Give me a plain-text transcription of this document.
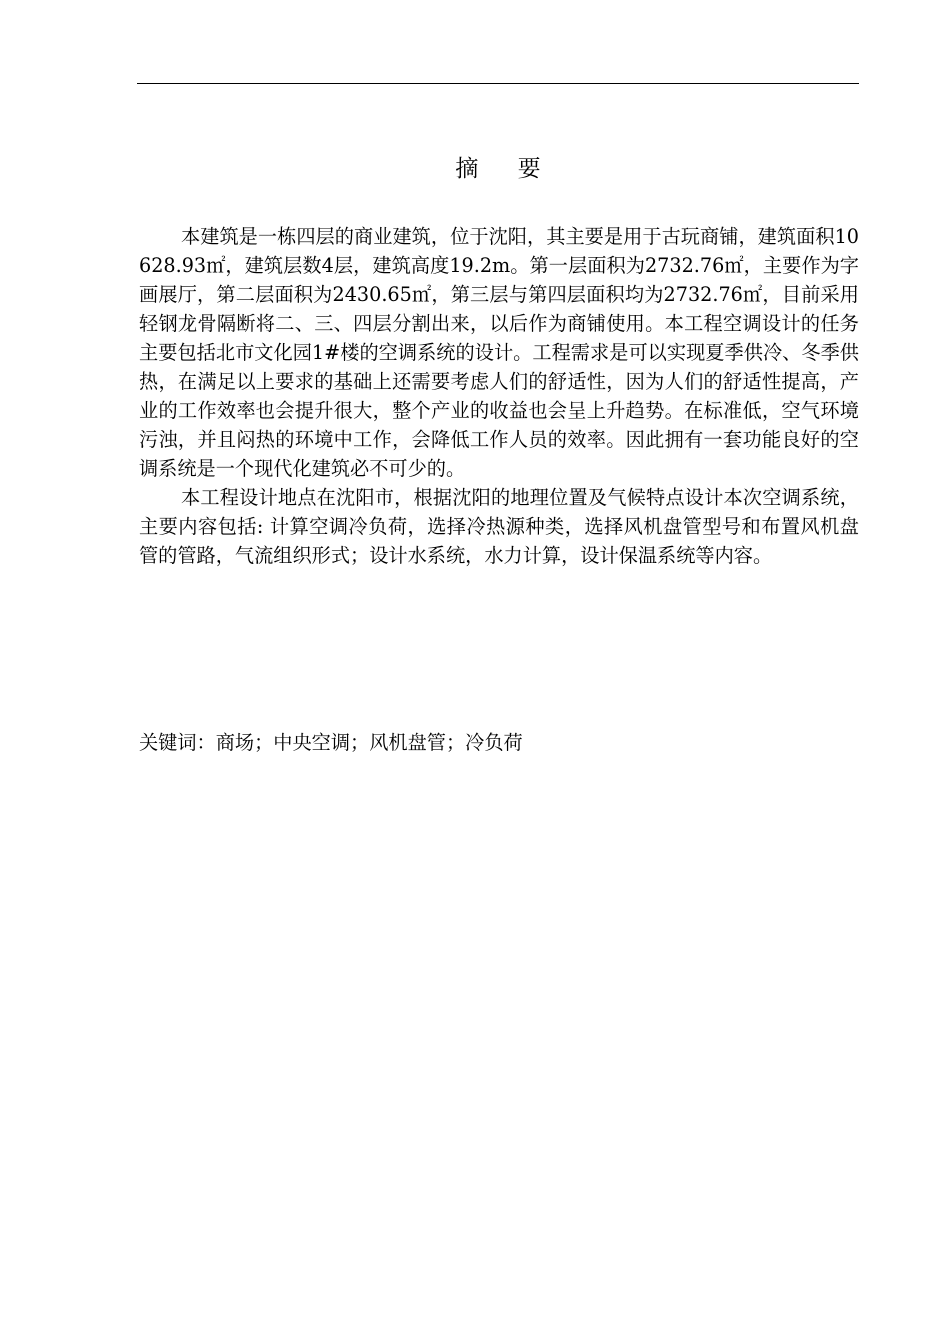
摘 要

本建筑是一栋四层的商业建筑，位于沈阳，其主要是用于古玩商铺，建筑面积10628.93㎡，建筑层数4层，建筑高度19.2m。第一层面积为2732.76㎡，主要作为字画展厅，第二层面积为2430.65㎡，第三层与第四层面积均为2732.76㎡，目前采用轻钢龙骨隔断将二、三、四层分割出来，以后作为商铺使用。本工程空调设计的任务主要包括北市文化园1#楼的空调系统的设计。工程需求是可以实现夏季供冷、冬季供热，在满足以上要求的基础上还需要考虑人们的舒适性，因为人们的舒适性提高，产业的工作效率也会提升很大，整个产业的收益也会呈上升趋势。在标准低，空气环境污浊，并且闷热的环境中工作，会降低工作人员的效率。因此拥有一套功能良好的空调系统是一个现代化建筑必不可少的。

本工程设计地点在沈阳市，根据沈阳的地理位置及气候特点设计本次空调系统，主要内容包括: 计算空调冷负荷，选择冷热源种类，选择风机盘管型号和布置风机盘管的管路，气流组织形式；设计水系统，水力计算，设计保温系统等内容。

关键词：商场；中央空调；风机盘管；冷负荷
